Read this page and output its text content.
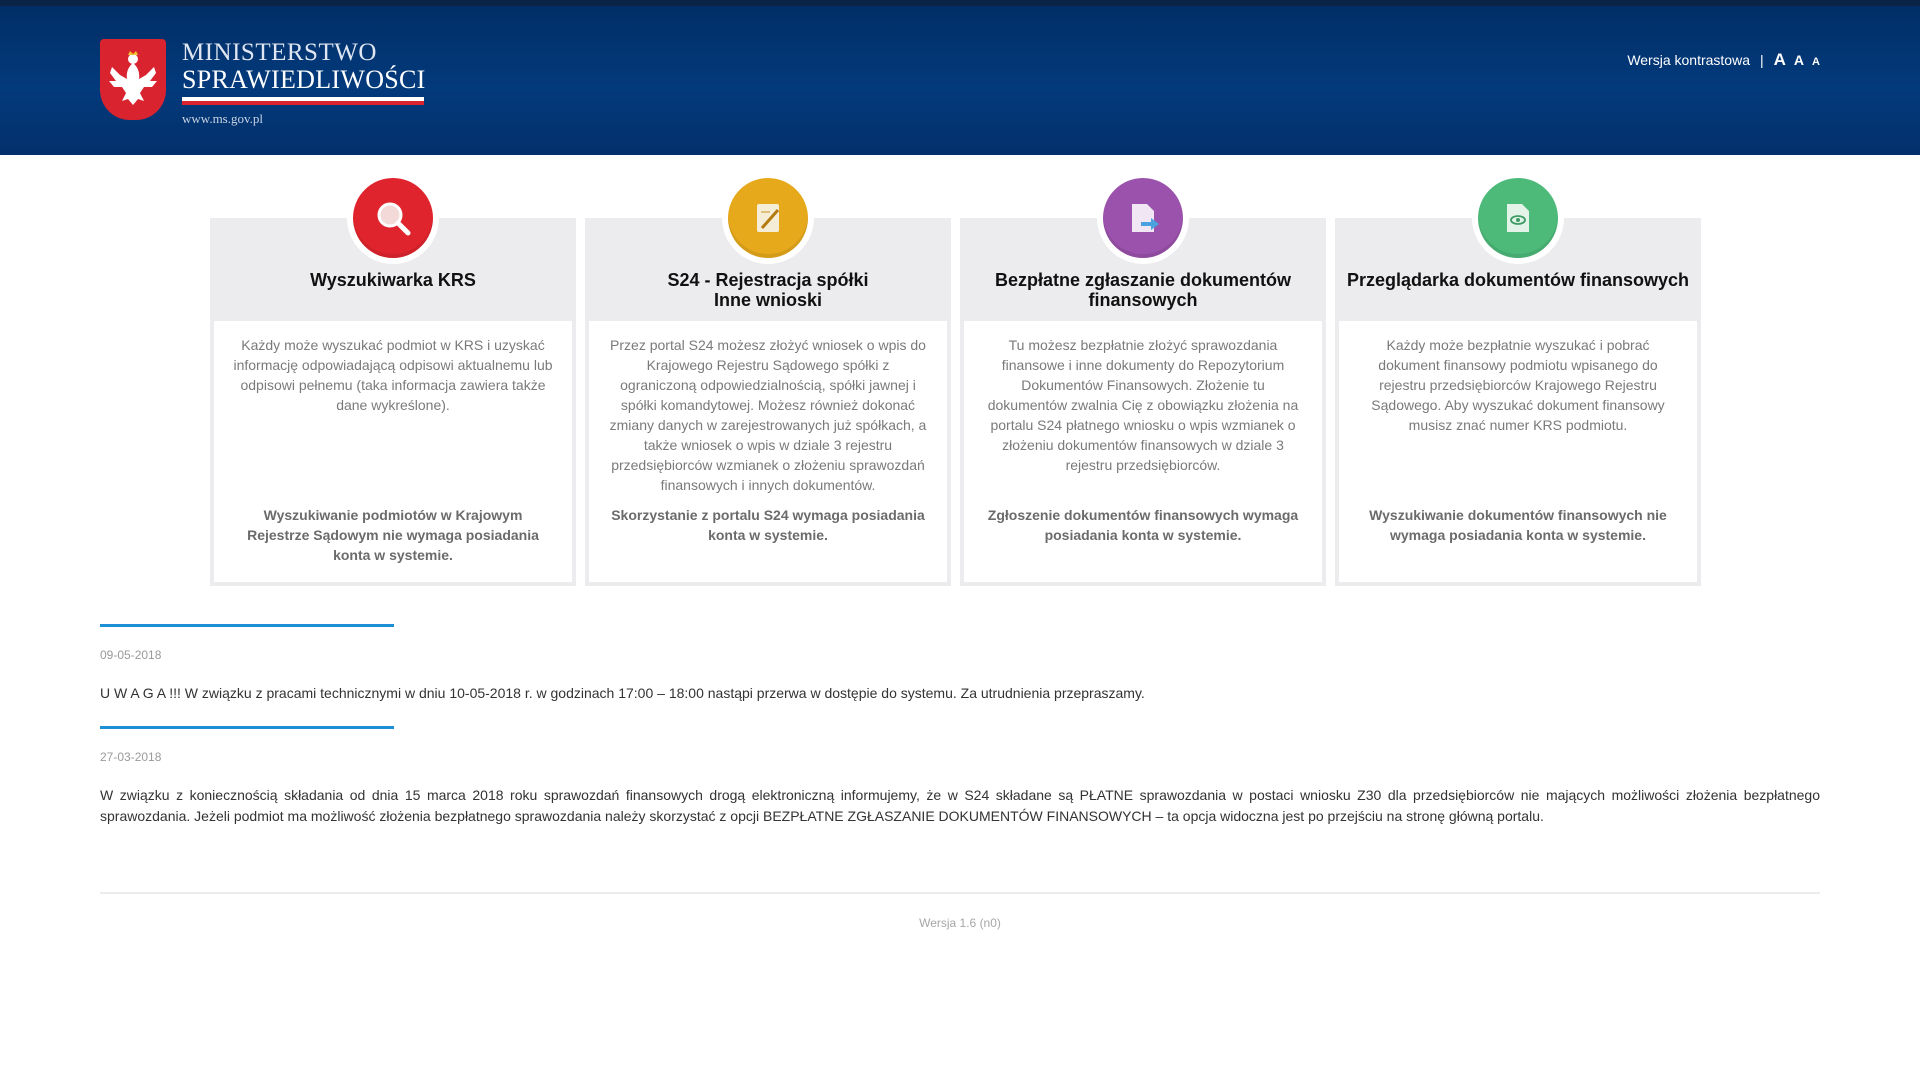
MINISTERSTWO
SPRAWIEDLIWOŚCI
www.ms.gov.pl
Wersja kontrastowa | A A A
Wyszukiwarka KRS
Każdy może wyszukać podmiot w KRS i uzyskać informację odpowiadającą odpisowi aktualnemu lub odpisowi pełnemu (taka informacja zawiera także dane wykreślone).
Wyszukiwanie podmiotów w Krajowym Rejestrze Sądowym nie wymaga posiadania konta w systemie.
S24 - Rejestracja spółki
Inne wnioski
Przez portal S24 możesz złożyć wniosek o wpis do Krajowego Rejestru Sądowego spółki z ograniczoną odpowiedzialnością, spółki jawnej i spółki komandytowej. Możesz również dokonać zmiany danych w zarejestrowanych już spółkach, a także wniosek o wpis w dziale 3 rejestru przedsiębiorców wzmianek o złożeniu sprawozdań finansowych i innych dokumentów.
Skorzystanie z portalu S24 wymaga posiadania konta w systemie.
Bezpłatne zgłaszanie dokumentów
finansowych
Tu możesz bezpłatnie złożyć sprawozdania finansowe i inne dokumenty do Repozytorium Dokumentów Finansowych. Złożenie tu dokumentów zwalnia Cię z obowiązku złożenia na portalu S24 płatnego wniosku o wpis wzmianek o złożeniu dokumentów finansowych w dziale 3 rejestru przedsiębiorców.
Zgłoszenie dokumentów finansowych wymaga posiadania konta w systemie.
Przeglądarka dokumentów finansowych
Każdy może bezpłatnie wyszukać i pobrać dokument finansowy podmiotu wpisanego do rejestru przedsiębiorców Krajowego Rejestru Sądowego. Aby wyszukać dokument finansowy musisz znać numer KRS podmiotu.
Wyszukiwanie dokumentów finansowych nie wymaga posiadania konta w systemie.
09-05-2018
U W A G A !!! W związku z pracami technicznymi w dniu 10-05-2018 r. w godzinach 17:00 – 18:00 nastąpi przerwa w dostępie do systemu. Za utrudnienia przepraszamy.
27-03-2018
W związku z koniecznością składania od dnia 15 marca 2018 roku sprawozdań finansowych drogą elektroniczną informujemy, że w S24 składane są PŁATNE sprawozdania w postaci wniosku Z30 dla przedsiębiorców nie mających możliwości złożenia bezpłatnego sprawozdania. Jeżeli podmiot ma możliwość złożenia bezpłatnego sprawozdania należy skorzystać z opcji BEZPŁATNE ZGŁASZANIE DOKUMENTÓW FINANSOWYCH – ta opcja widoczna jest po przejściu na stronę główną portalu.
Wersja 1.6 (n0)
